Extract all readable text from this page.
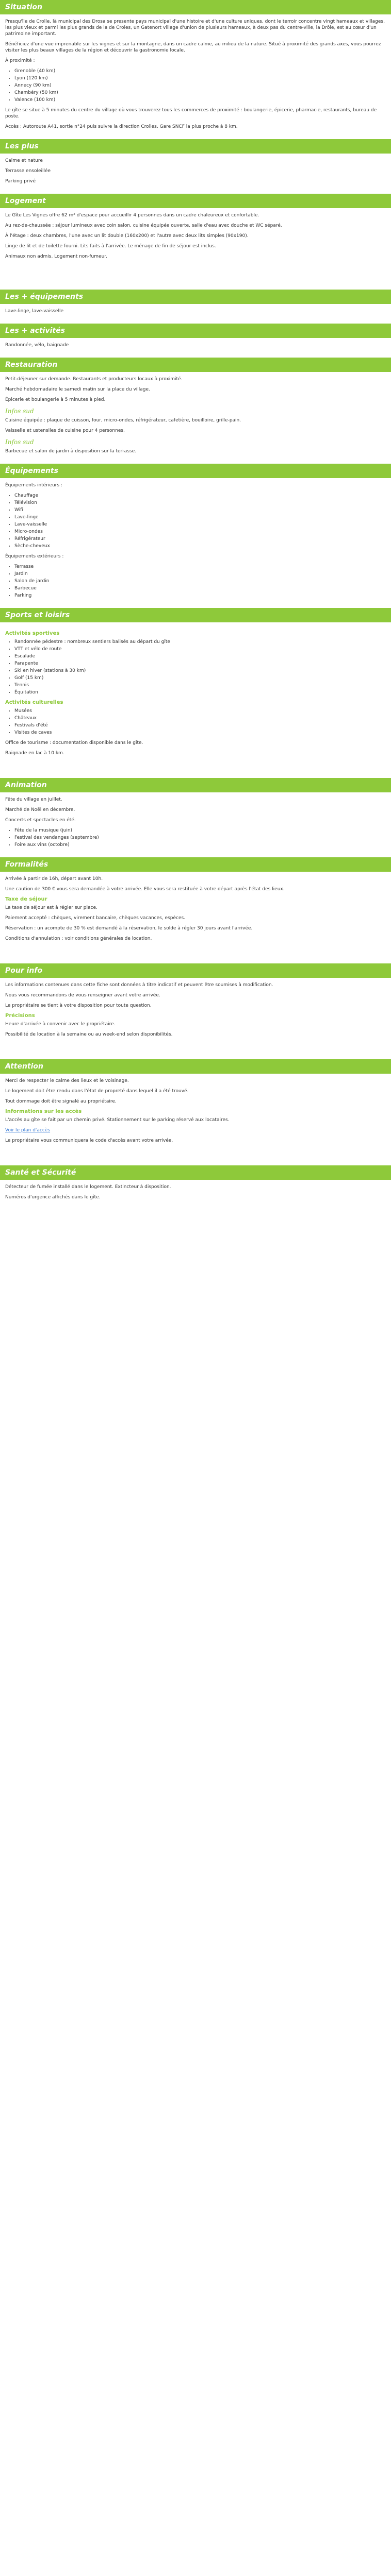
Situation

Presqu'île de Crolle, là municipal des Drosa se presente pays municipal d'une histoire et d'une culture uniques, dont le terroir concentre vingt hameaux et villages, les plus vieux et parmi les plus grands de la de Croles, un Gatenort village d'union de plusieurs hameaux, à deux pas du centre-ville, la Drôle, est au cœur d'un patrimoine important.

Bénéficiez d'une vue imprenable sur les vignes et sur la montagne, dans un cadre calme, au milieu de la nature. Situé à proximité des grands axes, vous pourrez visiter les plus beaux villages de la région et découvrir la gastronomie locale.

À proximité :

• Grenoble (40 km)
• Lyon (120 km)
• Annecy (90 km)
• Chambéry (50 km)
• Valence (100 km)

Le gîte se situe à 5 minutes du centre du village où vous trouverez tous les commerces de proximité : boulangerie, épicerie, pharmacie, restaurants, bureau de poste.

Accès : Autoroute A41, sortie n°24 puis suivre la direction Crolles. Gare SNCF la plus proche à 8 km.

Les plus

Calme et nature

Terrasse ensoleillée

Parking privé

Logement

Le Gîte Les Vignes offre 62 m² d'espace pour accueillir 4 personnes dans un cadre chaleureux et confortable.

Au rez-de-chaussée : séjour lumineux avec coin salon, cuisine équipée ouverte, salle d'eau avec douche et WC séparé.

À l'étage : deux chambres, l'une avec un lit double (160x200) et l'autre avec deux lits simples (90x190).

Linge de lit et de toilette fourni. Lits faits à l'arrivée. Le ménage de fin de séjour est inclus.

Animaux non admis. Logement non-fumeur.

Les + équipements

Lave-linge, lave-vaisselle

Les + activités

Randonnée, vélo, baignade

Restauration

Petit-déjeuner sur demande. Restaurants et producteurs locaux à proximité.

Marché hebdomadaire le samedi matin sur la place du village.

Épicerie et boulangerie à 5 minutes à pied.

Infos sud

Cuisine équipée : plaque de cuisson, four, micro-ondes, réfrigérateur, cafetière, bouilloire, grille-pain.

Vaisselle et ustensiles de cuisine pour 4 personnes.

Infos sud

Barbecue et salon de jardin à disposition sur la terrasse.

Équipements

Équipements intérieurs :

• Chauffage
• Télévision
• Wifi
• Lave-linge
• Lave-vaisselle
• Micro-ondes
• Réfrigérateur
• Sèche-cheveux

Équipements extérieurs :

• Terrasse
• Jardin
• Salon de jardin
• Barbecue
• Parking
Sports et loisirs
Activités sportives
• Randonnée pédestre : nombreux sentiers balisés au départ du gîte
• VTT et vélo de route
• Escalade
• Parapente
• Ski en hiver (stations à 30 km)
• Golf (15 km)
• Tennis
• Équitation
Activités culturelles
• Musées
• Châteaux
• Festivals d'été
• Visites de caves

Office de tourisme : documentation disponible dans le gîte.

Baignade en lac à 10 km.

Animation

Fête du village en juillet.

Marché de Noël en décembre.

Concerts et spectacles en été.

• Fête de la musique (juin)
• Festival des vendanges (septembre)
• Foire aux vins (octobre)
Formalités

Arrivée à partir de 16h, départ avant 10h.

Une caution de 300 € vous sera demandée à votre arrivée. Elle vous sera restituée à votre départ après l'état des lieux.

Taxe de séjour

La taxe de séjour est à régler sur place.

Paiement accepté : chèques, virement bancaire, chèques vacances, espèces.

Réservation : un acompte de 30 % est demandé à la réservation, le solde à régler 30 jours avant l'arrivée.

Conditions d'annulation : voir conditions générales de location.

Pour info

Les informations contenues dans cette fiche sont données à titre indicatif et peuvent être soumises à modification.

Nous vous recommandons de vous renseigner avant votre arrivée.

Le propriétaire se tient à votre disposition pour toute question.

Précisions

Heure d'arrivée à convenir avec le propriétaire.

Possibilité de location à la semaine ou au week-end selon disponibilités.

Attention

Merci de respecter le calme des lieux et le voisinage.

Le logement doit être rendu dans l'état de propreté dans lequel il a été trouvé.

Tout dommage doit être signalé au propriétaire.

Informations sur les accès

L'accès au gîte se fait par un chemin privé. Stationnement sur le parking réservé aux locataires.

Voir le plan d'accès

Le propriétaire vous communiquera le code d'accès avant votre arrivée.

Santé et Sécurité

Détecteur de fumée installé dans le logement. Extincteur à disposition.

Numéros d'urgence affichés dans le gîte.
